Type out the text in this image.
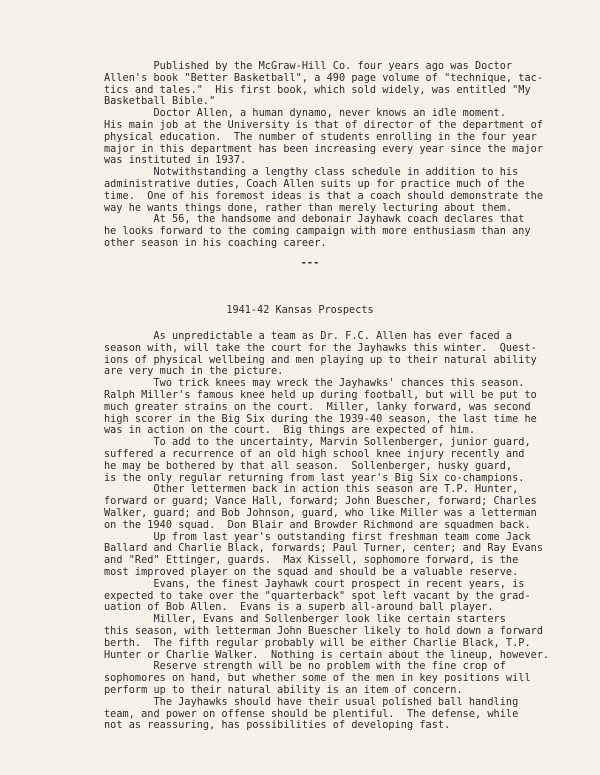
Published by the McGraw-Hill Co. four years ago was Doctor
Allen's book "Better Basketball", a 490 page volume of "technique, tac-
tics and tales."  His first book, which sold widely, was entitled "My
Basketball Bible."
Doctor Allen, a human dynamo, never knows an idle moment.
His main job at the University is that of director of the department of
physical education.  The number of students enrolling in the four year
major in this department has been increasing every year since the major
was instituted in 1937.
Notwithstanding a lengthy class schedule in addition to his
administrative duties, Coach Allen suits up for practice much of the
time.  One of his foremost ideas is that a coach should demonstrate the
way he wants things done, rather than merely lecturing about them.
At 56, the handsome and debonair Jayhawk coach declares that
he looks forward to the coming campaign with more enthusiasm than any
other season in his coaching career.
---
1941-42 Kansas Prospects
As unpredictable a team as Dr. F.C. Allen has ever faced a
season with, will take the court for the Jayhawks this winter.  Quest-
ions of physical wellbeing and men playing up to their natural ability
are very much in the picture.
Two trick knees may wreck the Jayhawks' chances this season.
Ralph Miller's famous knee held up during football, but will be put to
much greater strains on the court.  Miller, lanky forward, was second
high scorer in the Big Six during the 1939-40 season, the last time he
was in action on the court.  Big things are expected of him.
To add to the uncertainty, Marvin Sollenberger, junior guard,
suffered a recurrence of an old high school knee injury recently and
he may be bothered by that all season.  Sollenberger, husky guard,
is the only regular returning from last year's Big Six co-champions.
Other lettermen back in action this season are T.P. Hunter,
forward or guard; Vance Hall, forward; John Buescher, forward; Charles
Walker, guard; and Bob Johnson, guard, who like Miller was a letterman
on the 1940 squad.  Don Blair and Browder Richmond are squadmen back.
Up from last year's outstanding first freshman team come Jack
Ballard and Charlie Black, forwards; Paul Turner, center; and Ray Evans
and "Red" Ettinger, guards.  Max Kissell, sophomore forward, is the
most improved player on the squad and should be a valuable reserve.
Evans, the finest Jayhawk court prospect in recent years, is
expected to take over the "quarterback" spot left vacant by the grad-
uation of Bob Allen.  Evans is a superb all-around ball player.
Miller, Evans and Sollenberger look like certain starters
this season, with letterman John Buescher likely to hold down a forward
berth.  The fifth regular probably will be either Charlie Black, T.P.
Hunter or Charlie Walker.  Nothing is certain about the lineup, however.
Reserve strength will be no problem with the fine crop of
sophomores on hand, but whether some of the men in key positions will
perform up to their natural ability is an item of concern.
The Jayhawks should have their usual polished ball handling
team, and power on offense should be plentiful.  The defense, while
not as reassuring, has possibilities of developing fast.
